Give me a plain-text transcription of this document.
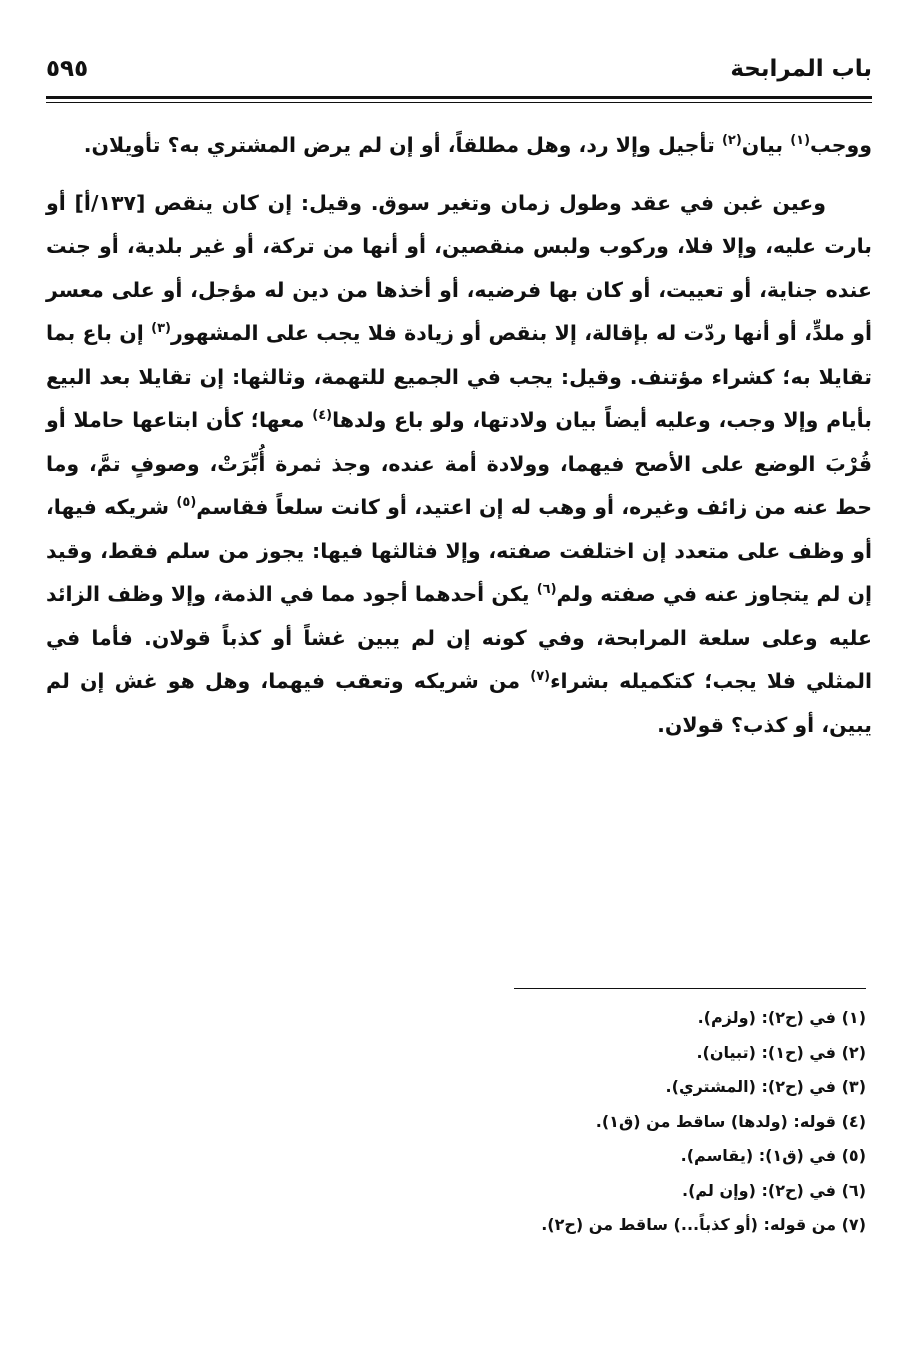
باب المرابحة
٥٩٥

ووجب$^{(١)}$ بيان$^{(٢)}$ تأجيل وإلا رد، وهل مطلقاً، أو إن لم يرض المشتري به؟ تأويلان.

وعين غبن في عقد وطول زمان وتغير سوق. وقيل: إن كان ينقص [١٣٧/أ] أو بارت عليه، وإلا فلا، وركوب ولبس منقصين، أو أنها من تركة، أو غير بلدية، أو جنت عنده جناية، أو تعييت، أو كان بها فرضيه، أو أخذها من دين له مؤجل، أو على معسر أو ملدٍّ، أو أنها ردّت له بإقالة، إلا بنقص أو زيادة فلا يجب على المشهور$^{(٣)}$ إن باع بما تقايلا به؛ كشراء مؤتنف. وقيل: يجب في الجميع للتهمة، وثالثها: إن تقايلا بعد البيع بأيام وإلا وجب، وعليه أيضاً بيان ولادتها، ولو باع ولدها$^{(٤)}$ معها؛ كأن ابتاعها حاملا أو قُرْبَ الوضع على الأصح فيهما، وولادة أمة عنده، وجذ ثمرة أُبِّرَتْ، وصوفٍ تمَّ، وما حط عنه من زائف وغيره، أو وهب له إن اعتيد، أو كانت سلعاً فقاسم$^{(٥)}$ شريكه فيها، أو وظف على متعدد إن اختلفت صفته، وإلا فثالثها فيها: يجوز من سلم فقط، وقيد إن لم يتجاوز عنه في صفته ولم$^{(٦)}$ يكن أحدهما أجود مما في الذمة، وإلا وظف الزائد عليه وعلى سلعة المرابحة، وفي كونه إن لم يبين غشاً أو كذباً قولان. فأما في المثلي فلا يجب؛ كتكميله بشراء$^{(٧)}$ من شريكه وتعقب فيهما، وهل هو غش إن لم يبين، أو كذب؟ قولان.

(١) في (ح٢): (ولزم).
(٢) في (ح١): (تبيان).
(٣) في (ح٢): (المشتري).
(٤) قوله: (ولدها) ساقط من (ق١).
(٥) في (ق١): (يقاسم).
(٦) في (ح٢): (وإن لم).
(٧) من قوله: (أو كذباً...) ساقط من (ح٢).
